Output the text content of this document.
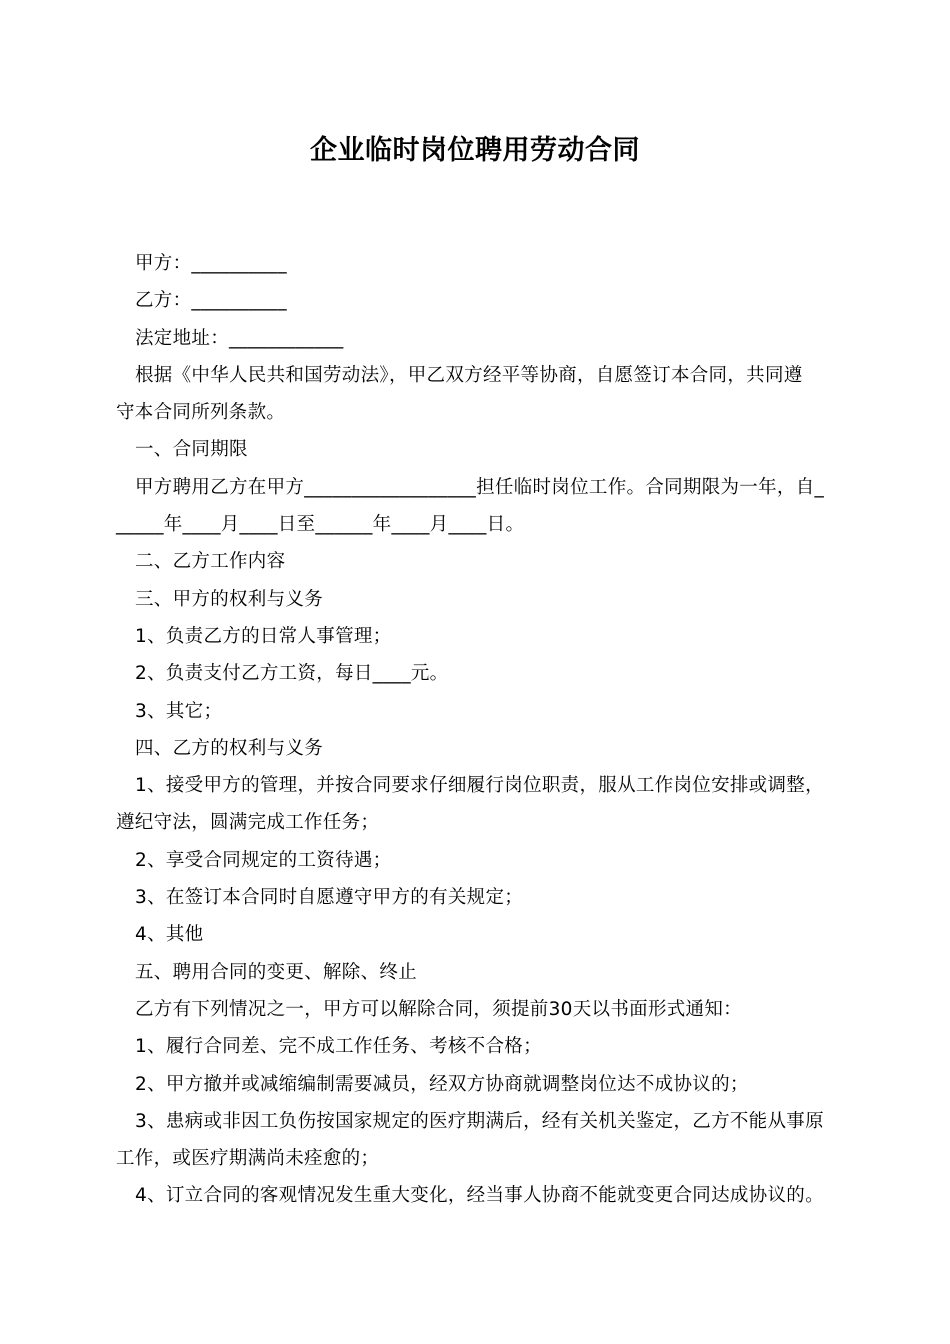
企业临时岗位聘用劳动合同
甲方：__________
乙方：__________
法定地址：____________
根据《中华人民共和国劳动法》，甲乙双方经平等协商，自愿签订本合同，共同遵
守本合同所列条款。
一、合同期限
甲方聘用乙方在甲方__________________担任临时岗位工作。合同期限为一年，自_
_____年____月____日至______年____月____日。
二、乙方工作内容
三、甲方的权利与义务
1、负责乙方的日常人事管理；
2、负责支付乙方工资，每日____元。
3、其它；
四、乙方的权利与义务
1、接受甲方的管理，并按合同要求仔细履行岗位职责，服从工作岗位安排或调整，
遵纪守法，圆满完成工作任务；
2、享受合同规定的工资待遇；
3、在签订本合同时自愿遵守甲方的有关规定；
4、其他
五、聘用合同的变更、解除、终止
乙方有下列情况之一，甲方可以解除合同，须提前30天以书面形式通知：
1、履行合同差、完不成工作任务、考核不合格；
2、甲方撤并或减缩编制需要减员，经双方协商就调整岗位达不成协议的；
3、患病或非因工负伤按国家规定的医疗期满后，经有关机关鉴定，乙方不能从事原
工作，或医疗期满尚未痊愈的；
4、订立合同的客观情况发生重大变化，经当事人协商不能就变更合同达成协议的。
